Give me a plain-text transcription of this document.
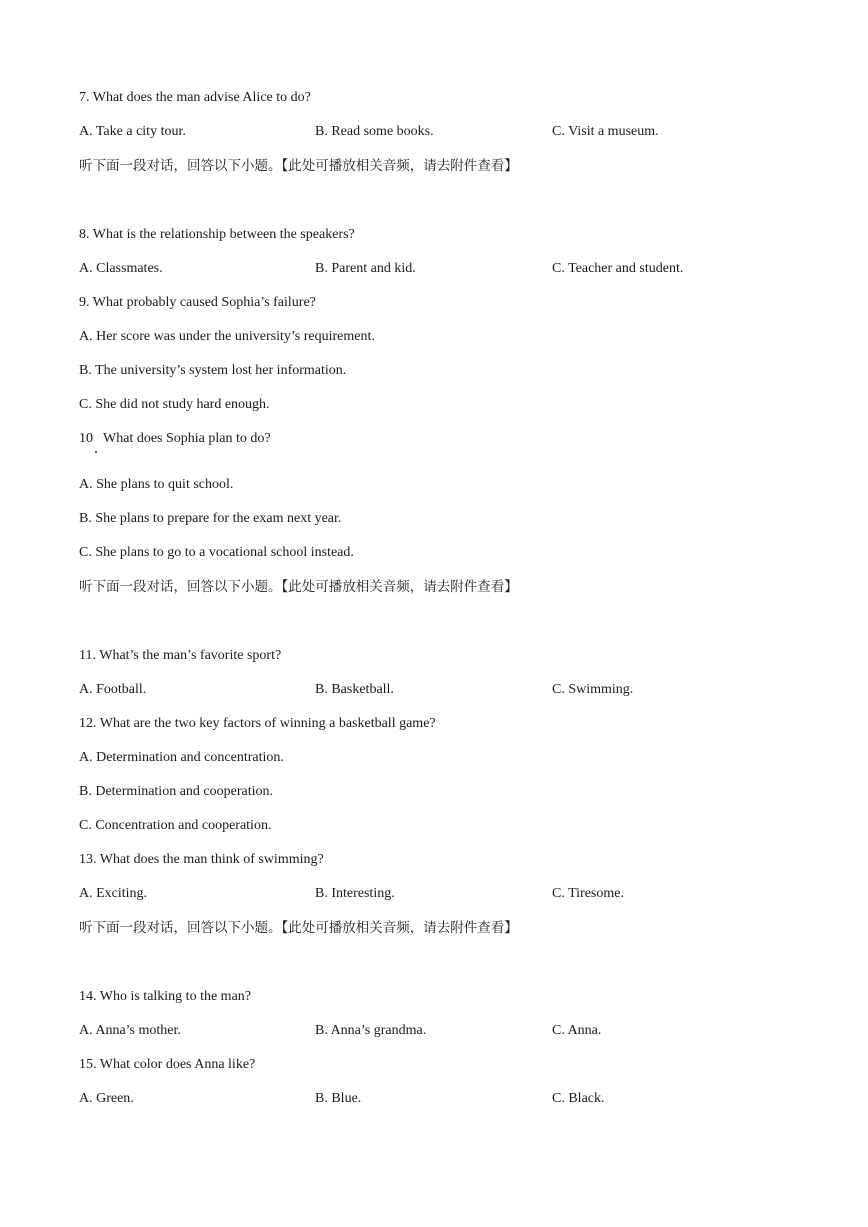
7. What does the man advise Alice to do?
A. Take a city tour.	B. Read some books.	C. Visit a museum.
听下面一段对话，回答以下小题。【此处可播放相关音频，请去附件查看】
8. What is the relationship between the speakers?
A. Classmates.	B. Parent and kid.	C. Teacher and student.
9. What probably caused Sophia’s failure?
A. Her score was under the university’s requirement.
B. The university’s system lost her information.
C. She did not study hard enough.
10 What does Sophia plan to do?
A. She plans to quit school.
B. She plans to prepare for the exam next year.
C. She plans to go to a vocational school instead.
听下面一段对话，回答以下小题。【此处可播放相关音频，请去附件查看】
11. What’s the man’s favorite sport?
A. Football.	B. Basketball.	C. Swimming.
12. What are the two key factors of winning a basketball game?
A. Determination and concentration.
B. Determination and cooperation.
C. Concentration and cooperation.
13. What does the man think of swimming?
A. Exciting.	B. Interesting.	C. Tiresome.
听下面一段对话，回答以下小题。【此处可播放相关音频，请去附件查看】
14. Who is talking to the man?
A. Anna’s mother.	B. Anna’s grandma.	C. Anna.
15. What color does Anna like?
A. Green.	B. Blue.	C. Black.
